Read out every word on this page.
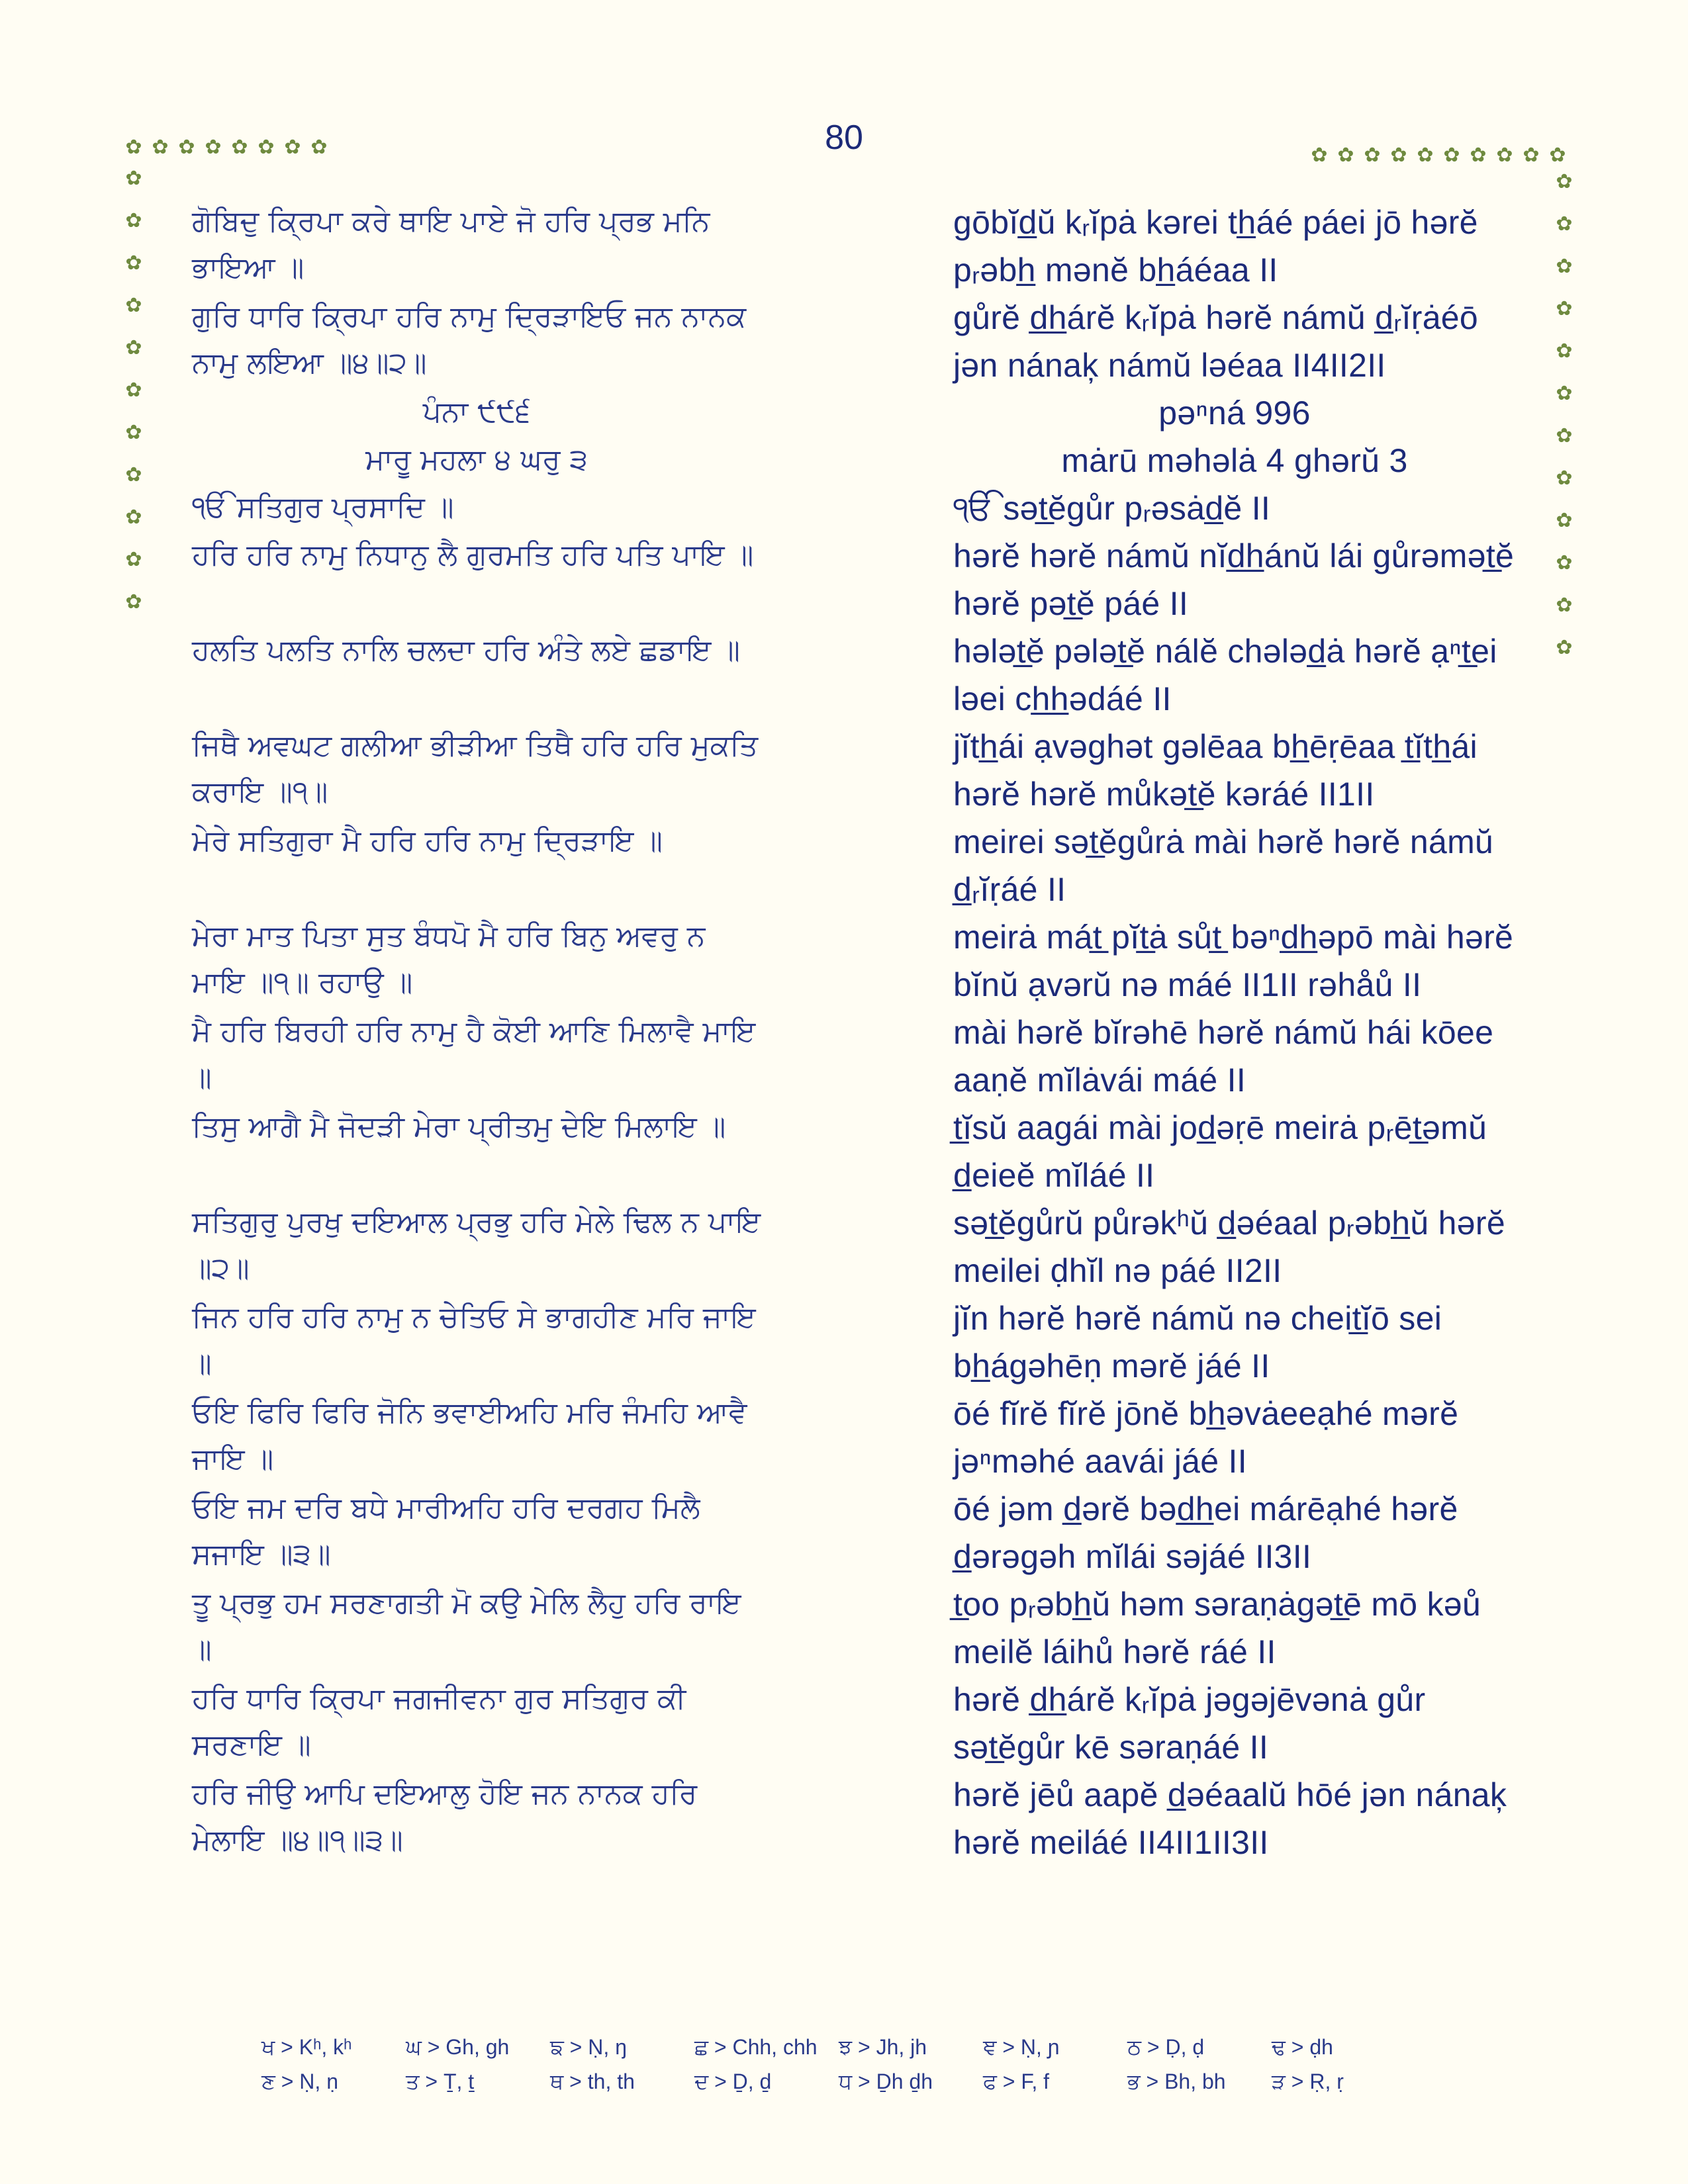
80
✿ ✿ ✿ ✿ ✿ ✿ ✿ ✿	✿ ✿ ✿ ✿ ✿ ✿ ✿ ✿ ✿ ✿
✿
✿
✿
✿
✿
✿
✿
✿
✿
✿
✿
✿
✿
✿
✿
✿
✿
✿
✿
✿
✿
✿
✿
ਗੋਬਿਦੁ ਕ੍ਰਿਪਾ ਕਰੇ ਥਾਇ ਪਾਏ ਜੋ ਹਰਿ ਪ੍ਰਭ ਮਨਿ ਭਾਇਆ ॥
gōbĭd̲ŭ kᵣĭpȧ kərei th̲áé páei jō hərĕ pᵣəbh̲ mənĕ bh̲áéaa II
ਗੁਰਿ ਧਾਰਿ ਕ੍ਰਿਪਾ ਹਰਿ ਨਾਮੁ ਦ੍ਰਿੜਾਇਓ ਜਨ ਨਾਨਕ ਨਾਮੁ ਲਇਆ ॥੪॥੨॥
gůrĕ d̲h̲árĕ kᵣĭpȧ hərĕ námŭ d̲ᵣĭṛȧéō jən nánaķ námŭ ləéaa II4II2II
ਪੰਨਾ ੯੯੬	pəⁿná 996
ਮਾਰੂ ਮਹਲਾ ੪ ਘਰੁ ੩	mȧrū məhəlȧ 4 ghərŭ 3
ੴ ਸਤਿਗੁਰ ਪ੍ਰਸਾਦਿ ॥	ੴ sət̲ĕgůr pᵣəsȧd̲ĕ II
ਹਰਿ ਹਰਿ ਨਾਮੁ ਨਿਧਾਨੁ ਲੈ ਗੁਰਮਤਿ ਹਰਿ ਪਤਿ ਪਾਇ ॥	hərĕ hərĕ námŭ nĭd̲h̲ánŭ lái gůrəmət̲ĕ hərĕ pət̲ĕ páé II
ਹਲਤਿ ਪਲਤਿ ਨਾਲਿ ਚਲਦਾ ਹਰਿ ਅੰਤੇ ਲਏ ਛਡਾਇ ॥	hələt̲ĕ pələt̲ĕ nálĕ chələd̲ȧ hərĕ ạⁿt̲ei ləei ch̲h̲ədáé II
ਜਿਥੈ ਅਵਘਟ ਗਲੀਆ ਭੀੜੀਆ ਤਿਥੈ ਹਰਿ ਹਰਿ ਮੁਕਤਿ ਕਰਾਇ ॥੧॥
jĭth̲ái ạvəghət gəlēaa bh̲ēṛēaa t̲ĭth̲ái hərĕ hərĕ můkət̲ĕ kəráé II1II
ਮੇਰੇ ਸਤਿਗੁਰਾ ਮੈ ਹਰਿ ਹਰਿ ਨਾਮੁ ਦ੍ਰਿੜਾਇ ॥	meirei sət̲ĕgůrȧ mài hərĕ hərĕ námŭ d̲ᵣĭṛáé II
ਮੇਰਾ ਮਾਤ ਪਿਤਾ ਸੁਤ ਬੰਧਪੋ ਮੈ ਹਰਿ ਬਿਨੁ ਅਵਰੁ ਨ ਮਾਇ ॥੧॥ ਰਹਾਉ ॥
meirȧ mát̲ pĭt̲ȧ sůt̲ bəⁿd̲h̲əpō mài hərĕ bĭnŭ ạvərŭ nə máé II1II rəhåů II
ਮੈ ਹਰਿ ਬਿਰਹੀ ਹਰਿ ਨਾਮੁ ਹੈ ਕੋਈ ਆਣਿ ਮਿਲਾਵੈ ਮਾਇ ॥
mài hərĕ bĭrəhē hərĕ námŭ hái kōee aaṇĕ mĭlȧvái máé II
ਤਿਸੁ ਆਗੈ ਮੈ ਜੋਦੜੀ ਮੇਰਾ ਪ੍ਰੀਤਮੁ ਦੇਇ ਮਿਲਾਇ ॥	t̲ĭsŭ aagái mài jod̲əṛē meirȧ pᵣēt̲əmŭ d̲eieĕ mĭláé II
ਸਤਿਗੁਰੁ ਪੁਰਖੁ ਦਇਆਲ ਪ੍ਰਭੁ ਹਰਿ ਮੇਲੇ ਢਿਲ ਨ ਪਾਇ ॥੨॥
sət̲ĕgůrŭ půrəkʰŭ d̲əéaal pᵣəbh̲ŭ hərĕ meilei ḍhĭl nə páé II2II
ਜਿਨ ਹਰਿ ਹਰਿ ਨਾਮੁ ਨ ਚੇਤਿਓ ਸੇ ਭਾਗਹੀਣ ਮਰਿ ਜਾਇ ॥
jĭn hərĕ hərĕ námŭ nə cheit̲ĭō sei bh̲ágəhēṇ mərĕ jáé II
ਓਇ ਫਿਰਿ ਫਿਰਿ ਜੋਨਿ ਭਵਾਈਅਹਿ ਮਰਿ ਜੰਮਹਿ ਆਵੈ ਜਾਇ ॥
ōé fĭrĕ fĭrĕ jōnĕ bh̲əvȧeeạhé mərĕ jəⁿməhé aavái jáé II
ਓਇ ਜਮ ਦਰਿ ਬਧੇ ਮਾਰੀਅਹਿ ਹਰਿ ਦਰਗਹ ਮਿਲੈ ਸਜਾਇ ॥੩॥
ōé jəm d̲ərĕ bəd̲h̲ei márēạhé hərĕ d̲ərəgəh mĭlái səjáé II3II
ਤੂ ਪ੍ਰਭੁ ਹਮ ਸਰਣਾਗਤੀ ਮੋ ਕਉ ਮੇਲਿ ਲੈਹੁ ਹਰਿ ਰਾਇ ॥
t̲oo pᵣəbh̲ŭ həm səraṇȧgət̲ē mō kəů meilĕ láihů hərĕ ráé II
ਹਰਿ ਧਾਰਿ ਕ੍ਰਿਪਾ ਜਗਜੀਵਨਾ ਗੁਰ ਸਤਿਗੁਰ ਕੀ ਸਰਣਾਇ ॥
hərĕ d̲h̲árĕ kᵣĭpȧ jəgəjēvənȧ gůr sət̲ĕgůr kē səraṇáé II
ਹਰਿ ਜੀਉ ਆਪਿ ਦਇਆਲੁ ਹੋਇ ਜਨ ਨਾਨਕ ਹਰਿ ਮੇਲਾਇ ॥੪॥੧॥੩॥
hərĕ jēů aapĕ d̲əéaalŭ hōé jən nánaķ hərĕ meiláé II4II1II3II
ਖ > Kʰ, kʰ	ਘ > Gh, gh	ਙ > Ṇ, ŋ	ਛ > Chh, chh	ਝ > Jh, jh	ਞ > Ṇ, ɲ	ਠ > Ḍ, ḍ	ਢ > ḍh
ਣ > Ṇ, ṇ	ਤ > Ṯ, ṯ	ਥ > th, th	ਦ > Ḏ, ḏ	ਧ > Ḏh ḏh	ਫ > F, f	ਭ > Bh, bh	ੜ > Ṛ, ṛ
